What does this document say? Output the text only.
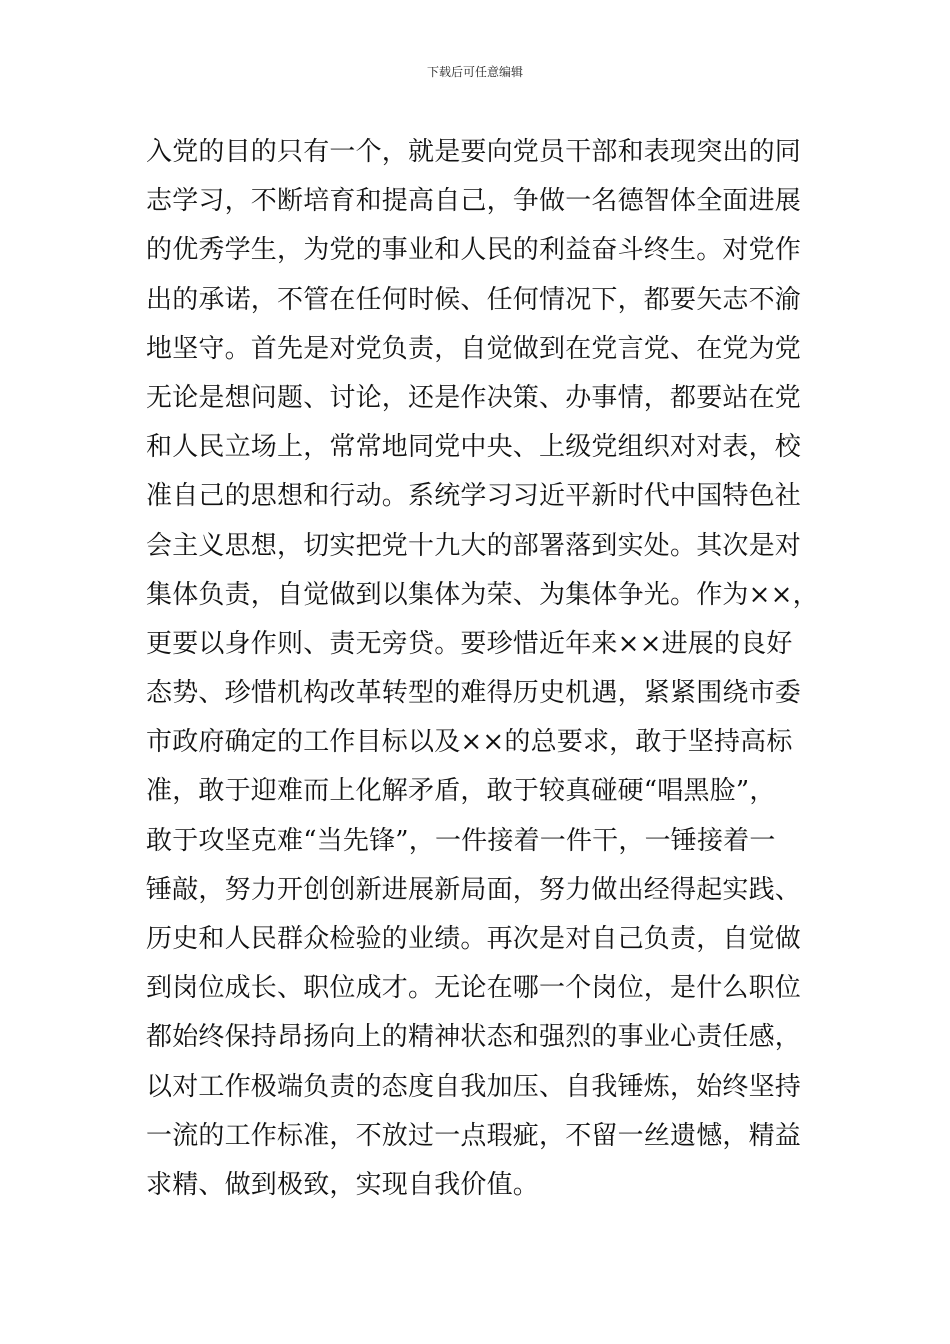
下载后可任意编辑
入党的目的只有一个，就是要向党员干部和表现突出的同
志学习，不断培育和提高自己，争做一名德智体全面进展
的优秀学生，为党的事业和人民的利益奋斗终生。对党作
出的承诺，不管在任何时候、任何情况下，都要矢志不渝
地坚守。首先是对党负责，自觉做到在党言党、在党为党
无论是想问题、讨论，还是作决策、办事情，都要站在党
和人民立场上，常常地同党中央、上级党组织对对表，校
准自己的思想和行动。系统学习习近平新时代中国特色社
会主义思想，切实把党十九大的部署落到实处。其次是对
集体负责，自觉做到以集体为荣、为集体争光。作为××，
更要以身作则、责无旁贷。要珍惜近年来××进展的良好
态势、珍惜机构改革转型的难得历史机遇，紧紧围绕市委
市政府确定的工作目标以及××的总要求，敢于坚持高标
准，敢于迎难而上化解矛盾，敢于较真碰硬“唱黑脸”，
敢于攻坚克难“当先锋”，一件接着一件干，一锤接着一
锤敲，努力开创创新进展新局面，努力做出经得起实践、
历史和人民群众检验的业绩。再次是对自己负责，自觉做
到岗位成长、职位成才。无论在哪一个岗位，是什么职位
都始终保持昂扬向上的精神状态和强烈的事业心责任感，
以对工作极端负责的态度自我加压、自我锤炼，始终坚持
一流的工作标准，不放过一点瑕疵，不留一丝遗憾，精益
求精、做到极致，实现自我价值。
